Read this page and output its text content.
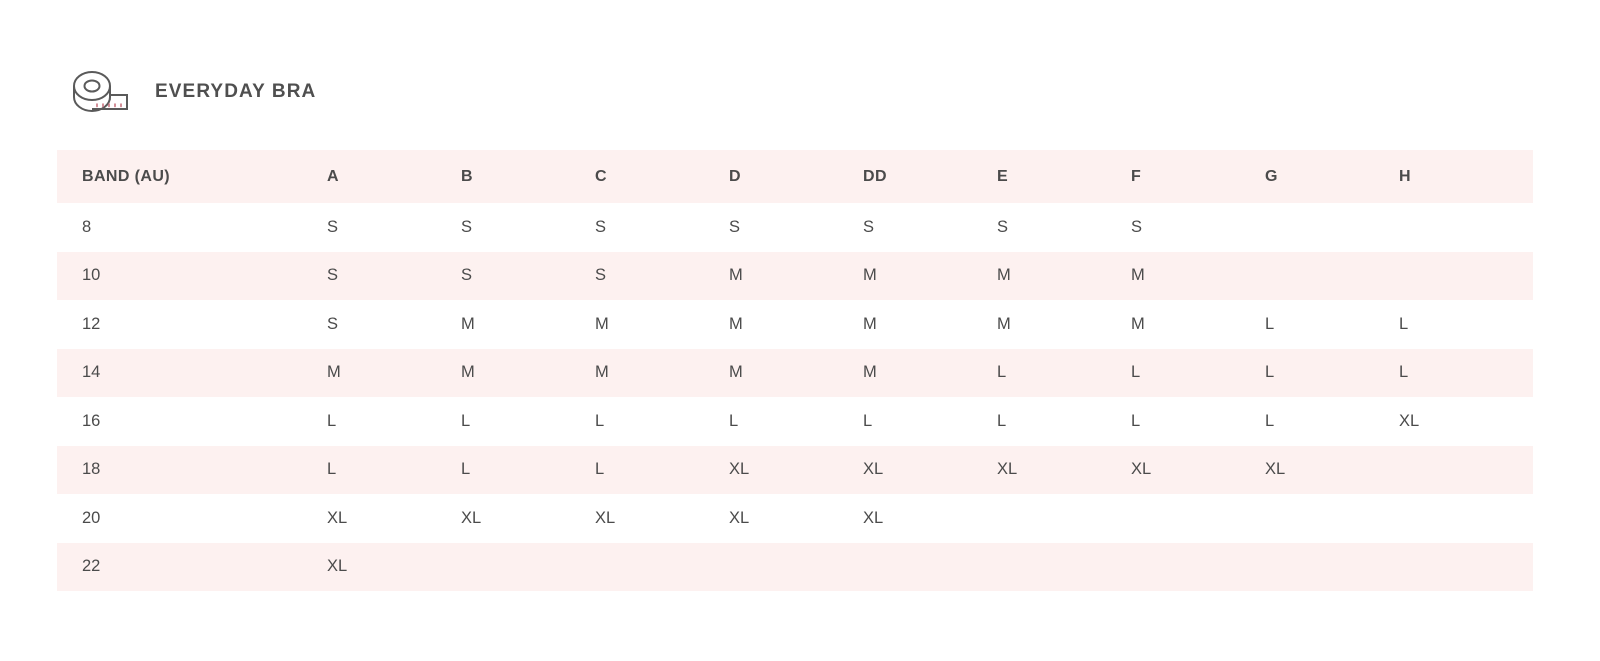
EVERYDAY BRA
BAND (AU)	A	B	C	D	DD	E	F	G	H
8	S	S	S	S	S	S	S		
10	S	S	S	M	M	M	M		
12	S	M	M	M	M	M	M	L	L
14	M	M	M	M	M	L	L	L	L
16	L	L	L	L	L	L	L	L	XL
18	L	L	L	XL	XL	XL	XL	XL	
20	XL	XL	XL	XL	XL				
22	XL								
